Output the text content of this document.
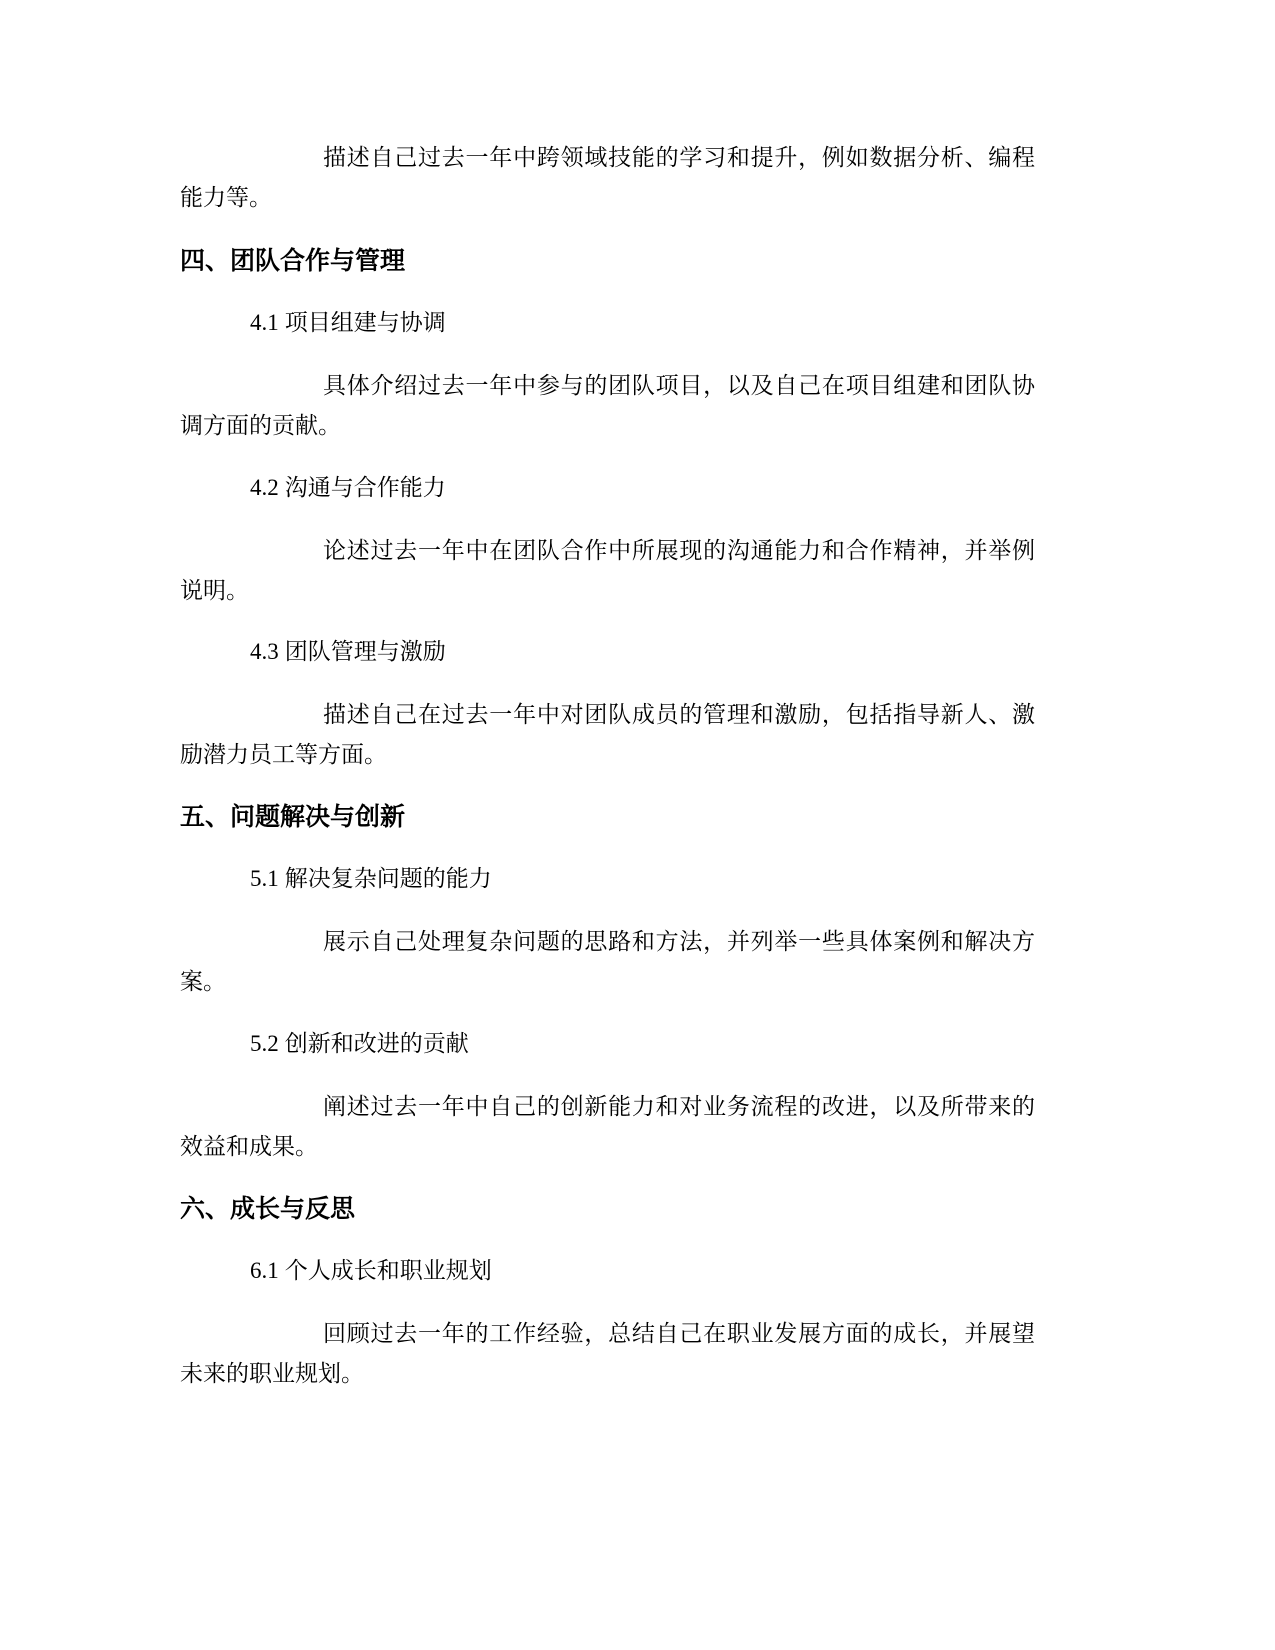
描述自己过去一年中跨领域技能的学习和提升，例如数据分析、编程能力等。

四、团队合作与管理
4.1 项目组建与协调

具体介绍过去一年中参与的团队项目，以及自己在项目组建和团队协调方面的贡献。

4.2 沟通与合作能力

论述过去一年中在团队合作中所展现的沟通能力和合作精神，并举例说明。

4.3 团队管理与激励

描述自己在过去一年中对团队成员的管理和激励，包括指导新人、激励潜力员工等方面。

五、问题解决与创新
5.1 解决复杂问题的能力

展示自己处理复杂问题的思路和方法，并列举一些具体案例和解决方案。

5.2 创新和改进的贡献

阐述过去一年中自己的创新能力和对业务流程的改进，以及所带来的效益和成果。

六、成长与反思
6.1 个人成长和职业规划

回顾过去一年的工作经验，总结自己在职业发展方面的成长，并展望未来的职业规划。
